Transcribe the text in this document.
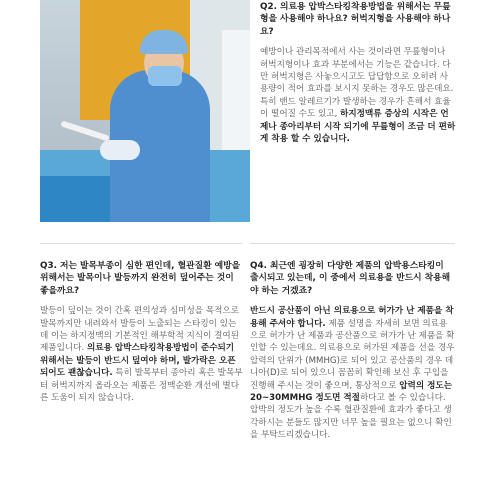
Q2. 의료용 압박스타킹착용방법을 위해서는 무릎형을 사용해야 하나요? 허벅지형을 사용해야 하나요?

예방이나 관리목적에서 사는 것이라면 무릎형이나 허벅지형이나 효과 부분에서는 기능은 같습니다. 다만 허벅지형은 사놓으시고도 답답함으로 오히려 사용량이 적어 효과를 보시지 못하는 경우도 많은데요. 특히 밴드 알레르기가 발생하는 경우가 흔해서 효율이 떨어질 수도 있고, 하지정맥류 증상의 시작은 언제나 종아리부터 시작 되기에 무릎형이 조금 더 편하게 착용 할 수 있습니다.

Q3. 저는 발목부종이 심한 편인데, 혈관질환 예방을 위해서는 발목이나 발등까지 완전히 덮어주는 것이 좋을까요?

발등이 덮이는 것이 간혹 편의성과 심미성을 목적으로 발목까지만 내려와서 발등이 노출되는 스타킹이 있는데 이는 하지정맥의 기본적인 해부학적 지식이 결여된 제품입니다. 의료용 압박스타킹착용방법이 준수되기 위해서는 발등이 반드시 덮여야 하며, 발가락은 오픈 되어도 괜찮습니다. 특히 발목부터 종아리 혹은 발목부터 허벅지까지 올라오는 제품은 정맥순환 개선에 별다른 도움이 되지 않습니다.

Q4. 최근엔 굉장히 다양한 제품의 압박용스타킹이 출시되고 있는데, 이 중에서 의료용을 반드시 착용해야 하는 거겠죠?

반드시 공산품이 아닌 의료용으로 허가가 난 제품을 착용해 주셔야 합니다. 제품 설명을 자세히 보면 의료용으로 허가가 난 제품과 공산품으로 허가가 난 제품을 확인할 수 있는데요. 의료용으로 허가된 제품을 선을 경우 압력의 단위가 (MMHG)로 되어 있고 공산품의 경우 데니아(D)로 되어 있으니 꼼꼼히 확인해 보신 후 구입을 진행해 주시는 것이 좋으며, 통상적으로 압력의 정도는 20~30MMHG 정도면 적절하다고 볼 수 있습니다. 압박의 정도가 높을 수록 혈관질환에 효과가 좋다고 생각하시는 분들도 많지만 너무 높을 필요는 없으니 확인을 부탁드리겠습니다.
